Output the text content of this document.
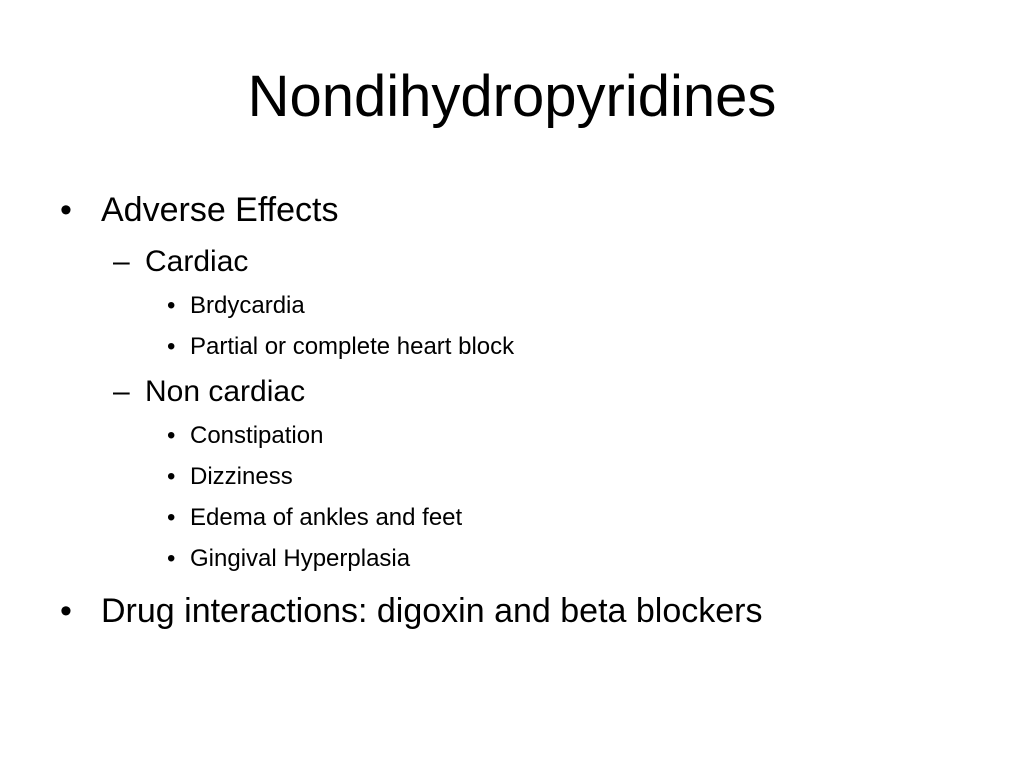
Nondihydropyridines
• Adverse Effects
– Cardiac
• Brdycardia
• Partial or complete heart block
– Non cardiac
• Constipation
• Dizziness
• Edema of ankles and feet
• Gingival Hyperplasia
• Drug interactions: digoxin and beta blockers
